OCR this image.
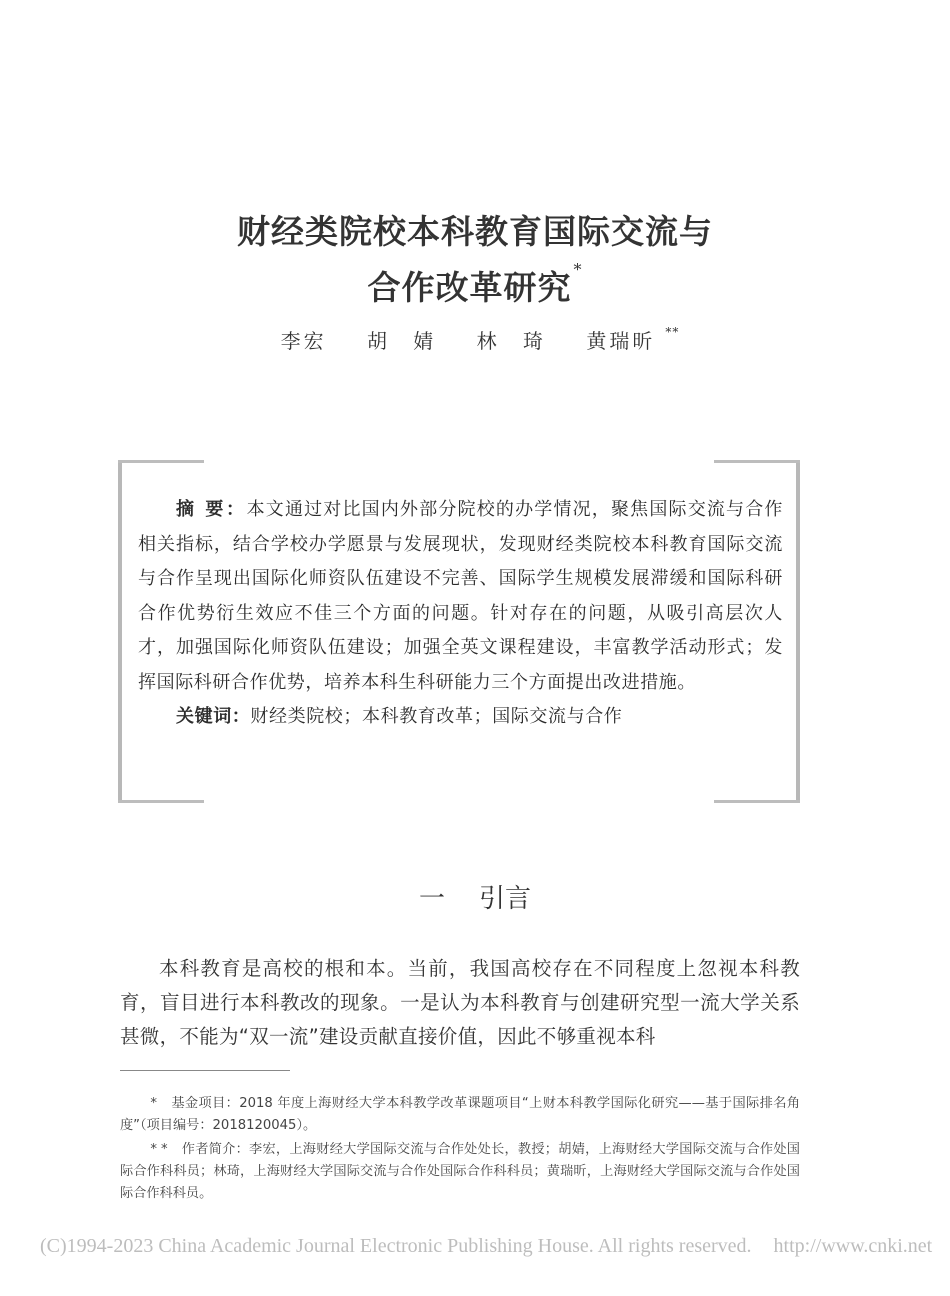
财经类院校本科教育国际交流与
合作改革研究 *
李宏 胡 婧 林 琦 黄瑞昕 **
摘 要：本文通过对比国内外部分院校的办学情况，聚焦国际交流与合作相关指标，结合学校办学愿景与发展现状，发现财经类院校本科教育国际交流与合作呈现出国际化师资队伍建设不完善、国际学生规模发展滞缓和国际科研合作优势衍生效应不佳三个方面的问题。针对存在的问题，从吸引高层次人才，加强国际化师资队伍建设；加强全英文课程建设，丰富教学活动形式；发挥国际科研合作优势，培养本科生科研能力三个方面提出改进措施。
关键词：财经类院校；本科教育改革；国际交流与合作
一 引言
本科教育是高校的根和本。当前，我国高校存在不同程度上忽视本科教育，盲目进行本科教改的现象。一是认为本科教育与创建研究型一流大学关系甚微，不能为“双一流”建设贡献直接价值，因此不够重视本科

* 基金项目：2018 年度上海财经大学本科教学改革课题项目“上财本科教学国际化研究——基于国际排名角度”（项目编号：2018120045）。

** 作者简介：李宏，上海财经大学国际交流与合作处处长，教授；胡婧，上海财经大学国际交流与合作处国际合作科科员；林琦，上海财经大学国际交流与合作处国际合作科科员；黄瑞昕，上海财经大学国际交流与合作处国际合作科科员。

(C)1994-2023 China Academic Journal Electronic Publishing House. All rights reserved. http://www.cnki.net
